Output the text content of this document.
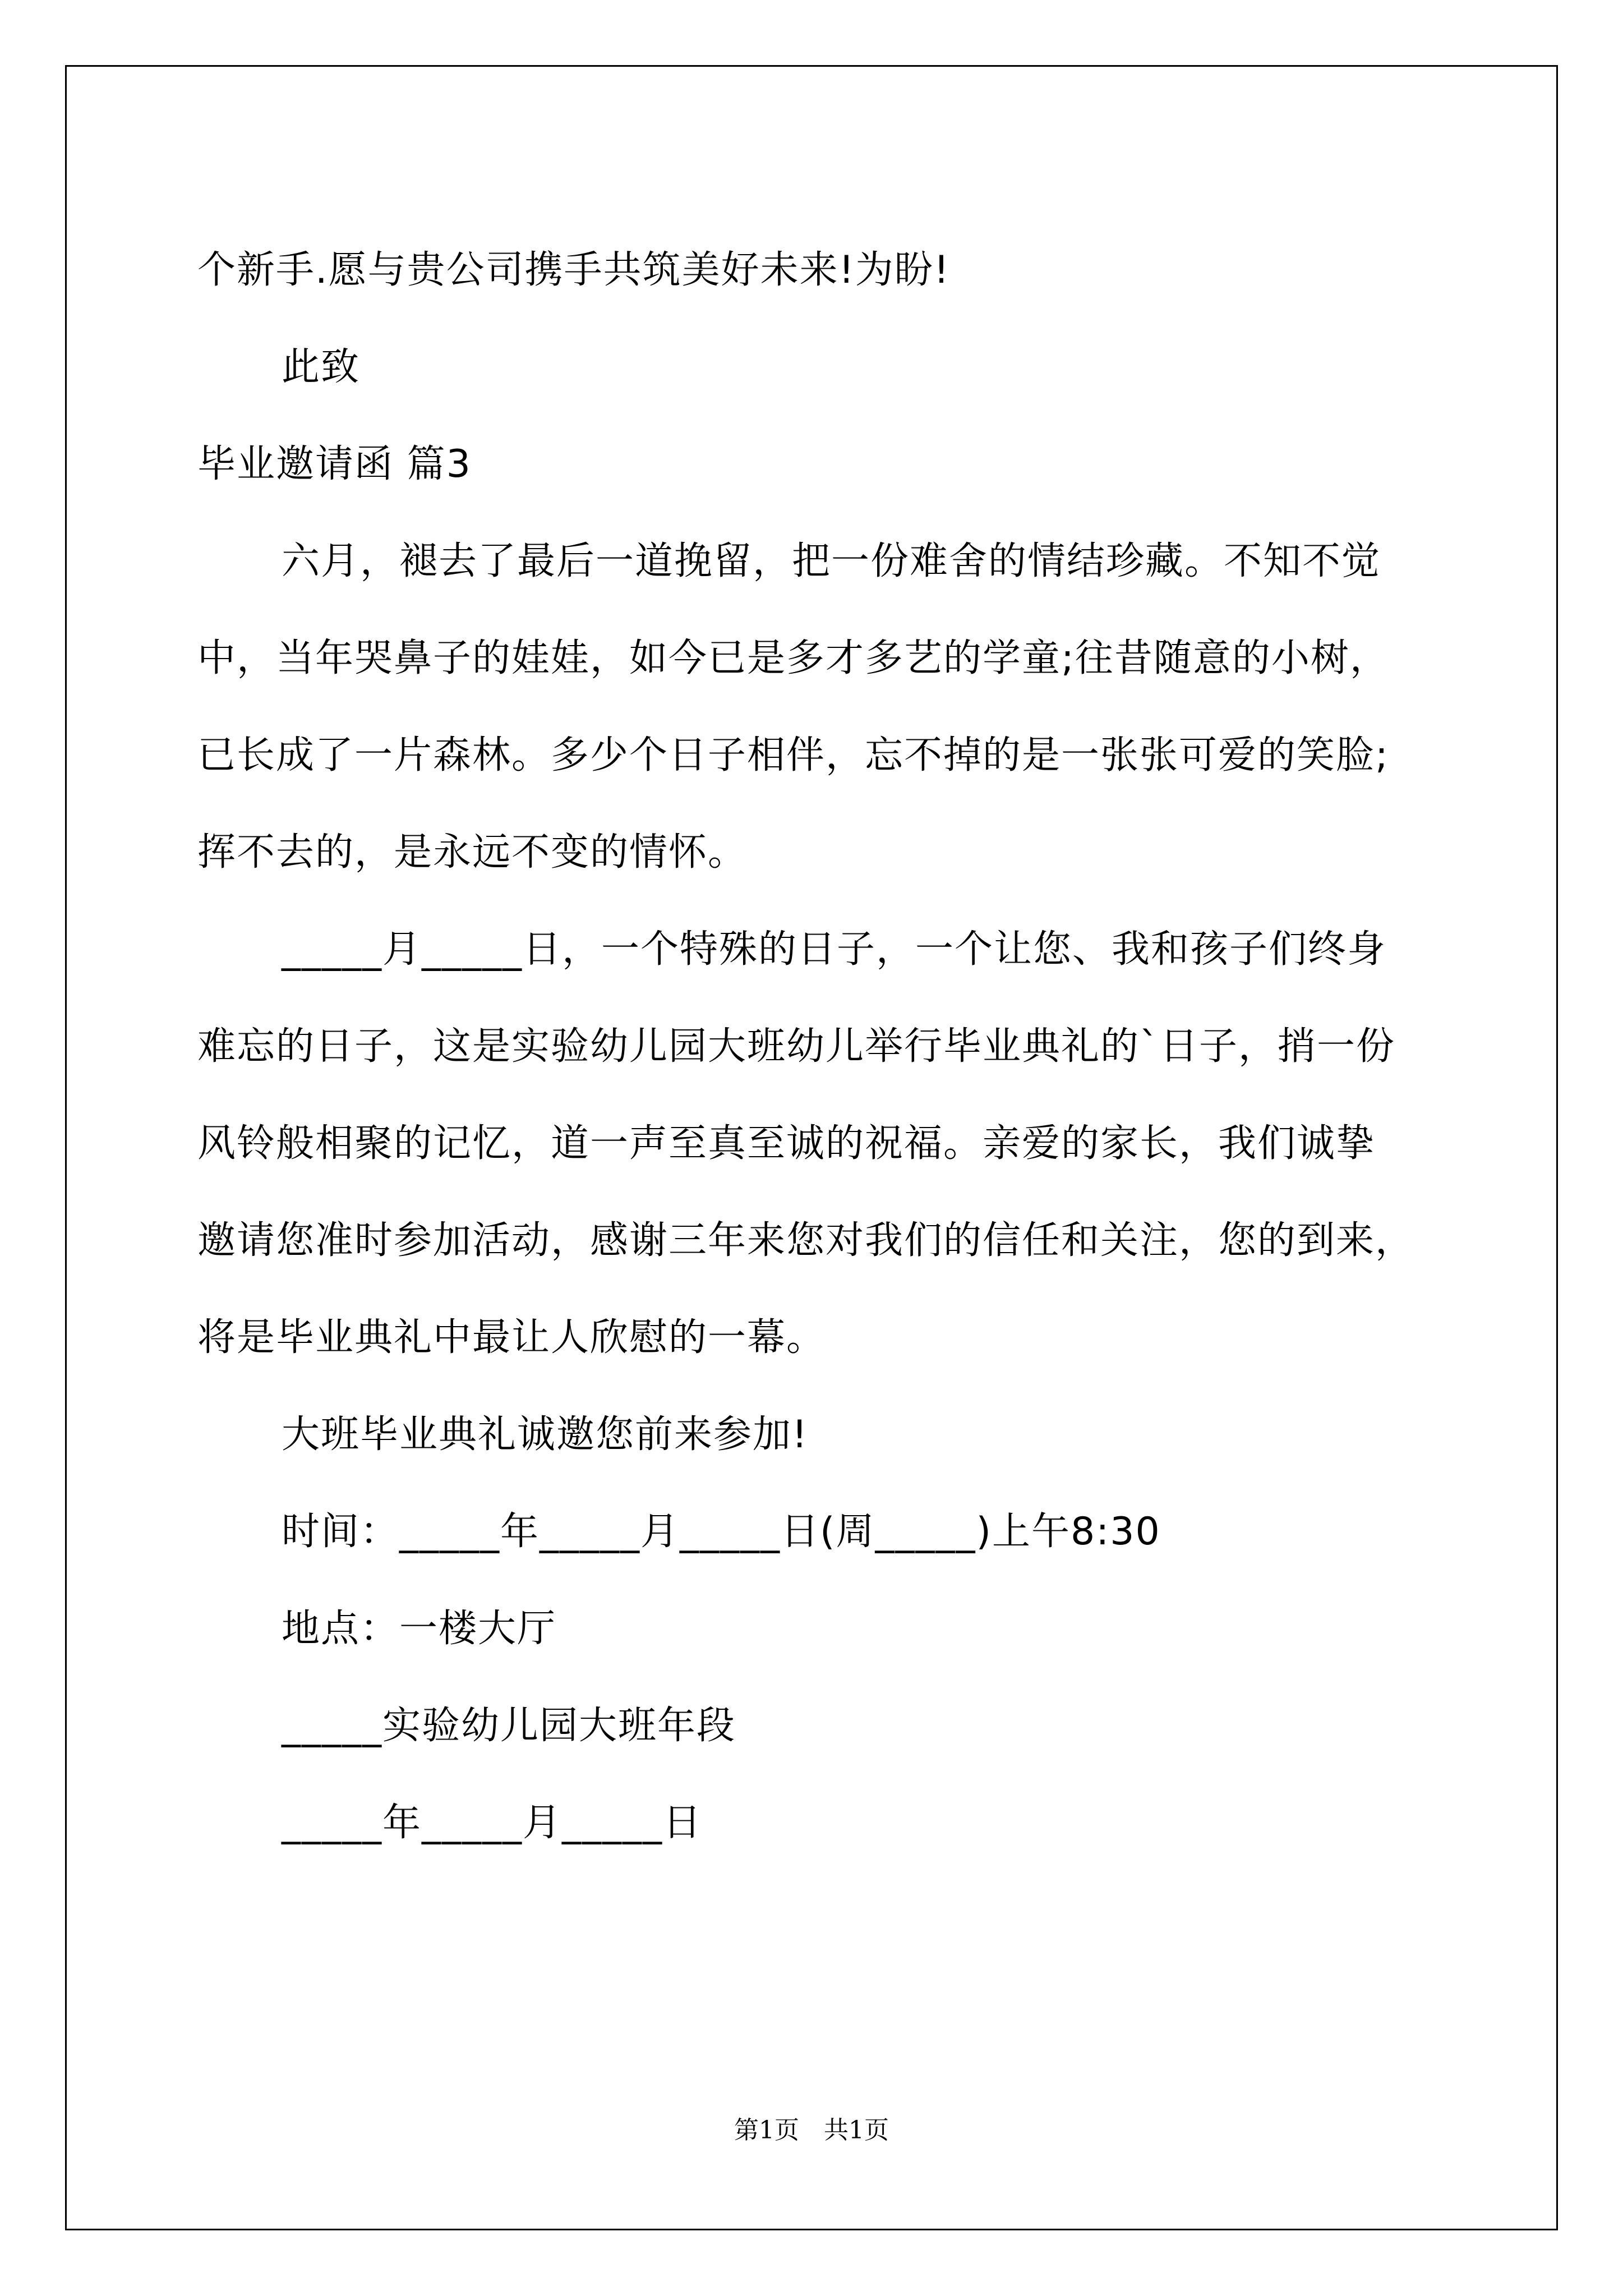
个新手.愿与贵公司携手共筑美好未来!为盼!

此致

毕业邀请函 篇3

六月，褪去了最后一道挽留，把一份难舍的情结珍藏。不知不觉

中，当年哭鼻子的娃娃，如今已是多才多艺的学童;往昔随意的小树，

已长成了一片森林。多少个日子相伴，忘不掉的是一张张可爱的笑脸;

挥不去的，是永远不变的情怀。

_____月_____日，一个特殊的日子，一个让您、我和孩子们终身

难忘的日子，这是实验幼儿园大班幼儿举行毕业典礼的`日子，捎一份

风铃般相聚的记忆，道一声至真至诚的祝福。亲爱的家长，我们诚挚

邀请您准时参加活动，感谢三年来您对我们的信任和关注，您的到来，

将是毕业典礼中最让人欣慰的一幕。

大班毕业典礼诚邀您前来参加!

时间：_____年_____月_____日(周_____)上午8:30

地点：一楼大厅

_____实验幼儿园大班年段

_____年_____月_____日

第1页　共1页
